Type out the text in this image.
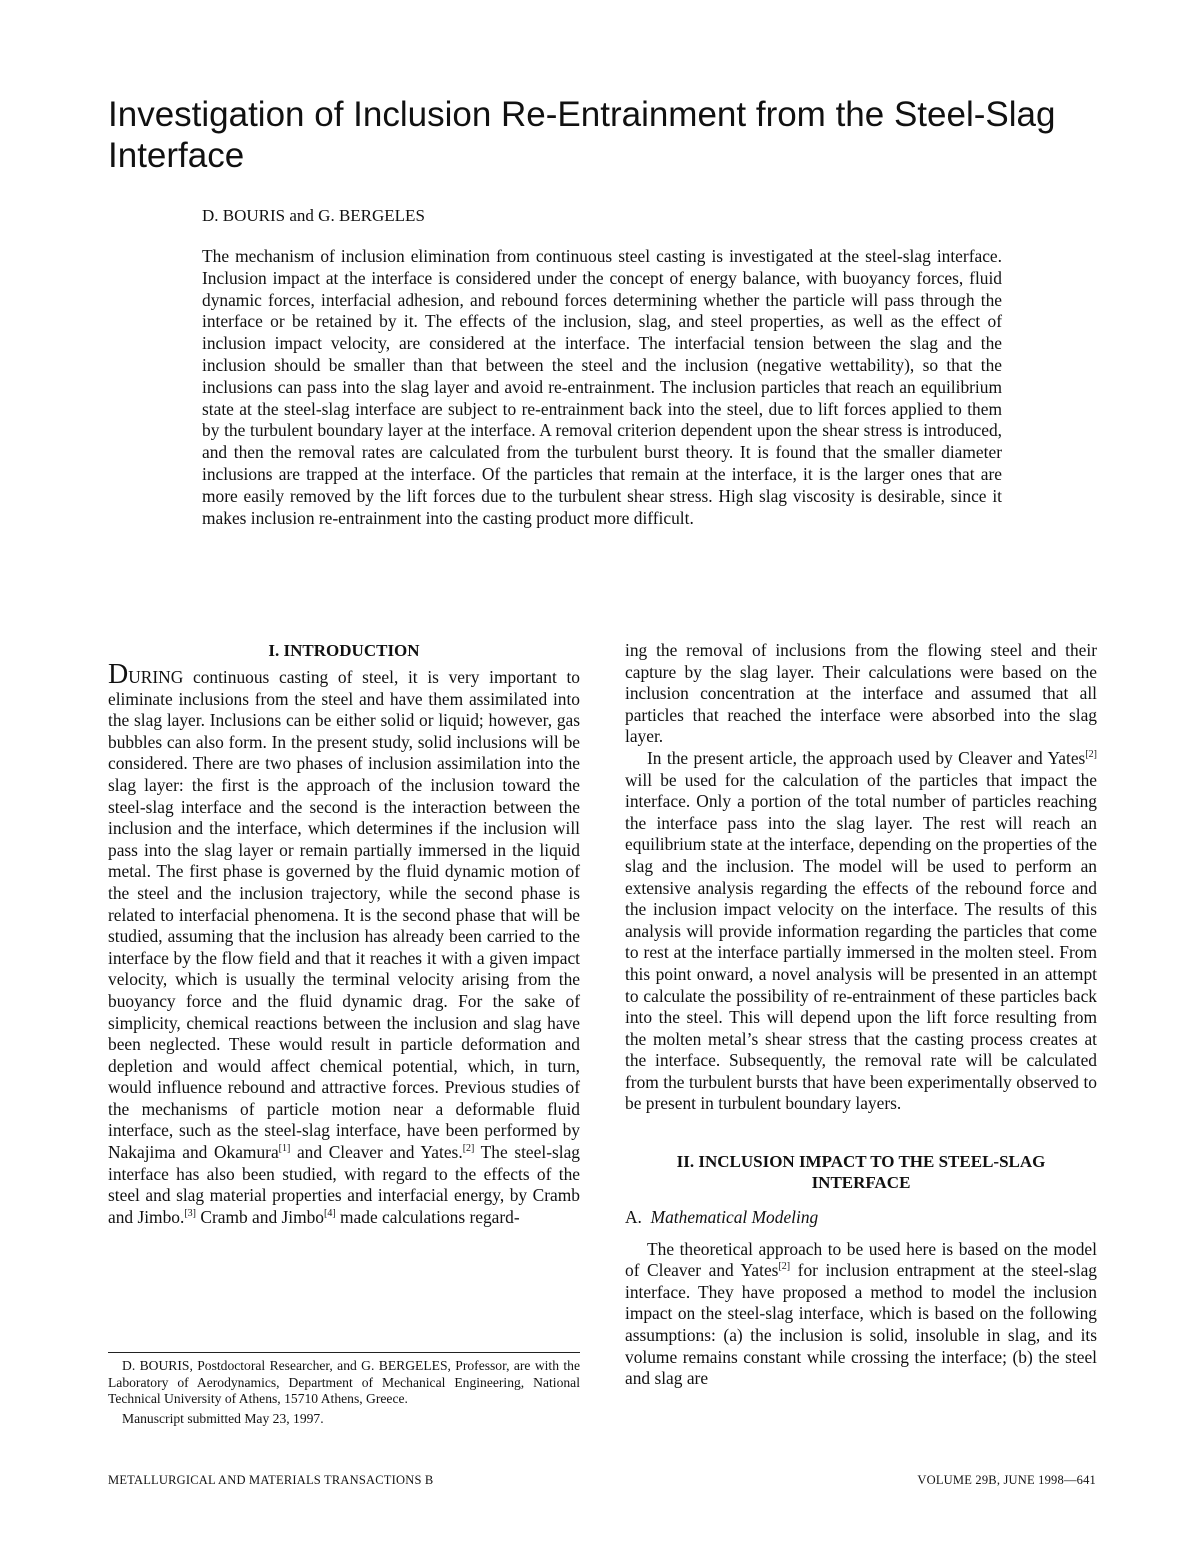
Investigation of Inclusion Re-Entrainment from the Steel-Slag Interface

D. BOURIS and G. BERGELES

The mechanism of inclusion elimination from continuous steel casting is investigated at the steel-slag interface. Inclusion impact at the interface is considered under the concept of energy balance, with buoyancy forces, fluid dynamic forces, interfacial adhesion, and rebound forces determining whether the particle will pass through the interface or be retained by it. The effects of the inclusion, slag, and steel properties, as well as the effect of inclusion impact velocity, are considered at the interface. The interfacial tension between the slag and the inclusion should be smaller than that between the steel and the inclusion (negative wettability), so that the inclusions can pass into the slag layer and avoid re-entrainment. The inclusion particles that reach an equilibrium state at the steel-slag interface are subject to re-entrainment back into the steel, due to lift forces applied to them by the turbulent boundary layer at the interface. A removal criterion dependent upon the shear stress is introduced, and then the removal rates are calculated from the turbulent burst theory. It is found that the smaller diameter inclusions are trapped at the interface. Of the particles that remain at the interface, it is the larger ones that are more easily removed by the lift forces due to the turbulent shear stress. High slag viscosity is desirable, since it makes inclusion re-entrainment into the casting product more difficult.

I. INTRODUCTION

DURING continuous casting of steel, it is very important to eliminate inclusions from the steel and have them assimilated into the slag layer. Inclusions can be either solid or liquid; however, gas bubbles can also form. In the present study, solid inclusions will be considered. There are two phases of inclusion assimilation into the slag layer: the first is the approach of the inclusion toward the steel-slag interface and the second is the interaction between the inclusion and the interface, which determines if the inclusion will pass into the slag layer or remain partially immersed in the liquid metal. The first phase is governed by the fluid dynamic motion of the steel and the inclusion trajectory, while the second phase is related to interfacial phenomena. It is the second phase that will be studied, assuming that the inclusion has already been carried to the interface by the flow field and that it reaches it with a given impact velocity, which is usually the terminal velocity arising from the buoyancy force and the fluid dynamic drag. For the sake of simplicity, chemical reactions between the inclusion and slag have been neglected. These would result in particle deformation and depletion and would affect chemical potential, which, in turn, would influence rebound and attractive forces. Previous studies of the mechanisms of particle motion near a deformable fluid interface, such as the steel-slag interface, have been performed by Nakajima and Okamura[1] and Cleaver and Yates.[2] The steel-slag interface has also been studied, with regard to the effects of the steel and slag material properties and interfacial energy, by Cramb and Jimbo.[3] Cramb and Jimbo[4] made calculations regard-

ing the removal of inclusions from the flowing steel and their capture by the slag layer. Their calculations were based on the inclusion concentration at the interface and assumed that all particles that reached the interface were absorbed into the slag layer.

In the present article, the approach used by Cleaver and Yates[2] will be used for the calculation of the particles that impact the interface. Only a portion of the total number of particles reaching the interface pass into the slag layer. The rest will reach an equilibrium state at the interface, depending on the properties of the slag and the inclusion. The model will be used to perform an extensive analysis regarding the effects of the rebound force and the inclusion impact velocity on the interface. The results of this analysis will provide information regarding the particles that come to rest at the interface partially immersed in the molten steel. From this point onward, a novel analysis will be presented in an attempt to calculate the possibility of re-entrainment of these particles back into the steel. This will depend upon the lift force resulting from the molten metal’s shear stress that the casting process creates at the interface. Subsequently, the removal rate will be calculated from the turbulent bursts that have been experimentally observed to be present in turbulent boundary layers.

II. INCLUSION IMPACT TO THE STEEL-SLAG INTERFACE

A. Mathematical Modeling

The theoretical approach to be used here is based on the model of Cleaver and Yates[2] for inclusion entrapment at the steel-slag interface. They have proposed a method to model the inclusion impact on the steel-slag interface, which is based on the following assumptions: (a) the inclusion is solid, insoluble in slag, and its volume remains constant while crossing the interface; (b) the steel and slag are

D. BOURIS, Postdoctoral Researcher, and G. BERGELES, Professor, are with the Laboratory of Aerodynamics, Department of Mechanical Engineering, National Technical University of Athens, 15710 Athens, Greece.

Manuscript submitted May 23, 1997.

METALLURGICAL AND MATERIALS TRANSACTIONS B	VOLUME 29B, JUNE 1998—641
